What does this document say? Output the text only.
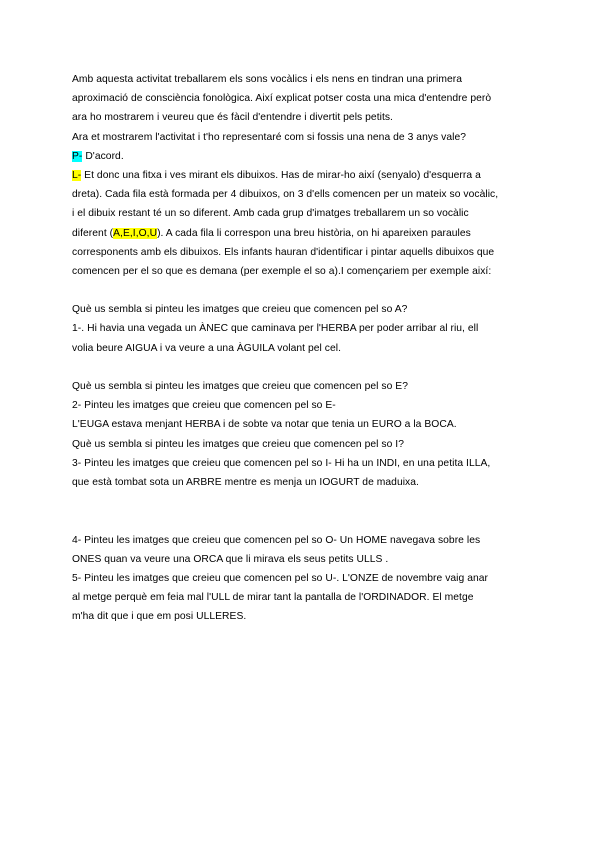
Amb aquesta activitat treballarem els sons vocàlics i els nens en tindran una primera
aproximació de consciència fonològica. Així explicat potser costa una mica d'entendre però
ara ho mostrarem i veureu que és fàcil d'entendre i divertit pels petits.
Ara et mostrarem l'activitat i t'ho representaré com si fossis una nena de 3 anys vale?
P- D'acord.
L- Et donc una fitxa i ves mirant els dibuixos. Has de mirar-ho així (senyalo) d'esquerra a
dreta). Cada fila està formada per 4 dibuixos, on 3 d'ells comencen per un mateix so vocàlic,
i el dibuix restant té un so diferent. Amb cada grup d'imatges treballarem un so vocàlic
diferent (A,E,I,O,U). A cada fila li correspon una breu història, on hi apareixen paraules
corresponents amb els dibuixos. Els infants hauran d'identificar i pintar aquells dibuixos que
comencen per el so que es demana (per exemple el so a).I començariem per exemple així:
Què us sembla si pinteu les imatges que creieu que comencen pel so A?
1-. Hi havia una vegada un ÀNEC que caminava per l'HERBA per poder arribar al riu, ell
volia beure AIGUA i va veure a una ÀGUILA volant pel cel.
Què us sembla si pinteu les imatges que creieu que comencen pel so E?
2- Pinteu les imatges que creieu que comencen pel so E-
L'EUGA estava menjant HERBA i de sobte va notar que tenia un EURO a la BOCA.
Què us sembla si pinteu les imatges que creieu que comencen pel so I?
3- Pinteu les imatges que creieu que comencen pel so I- Hi ha un INDI, en una petita ILLA,
que està tombat sota un ARBRE mentre es menja un IOGURT de maduixa.
4- Pinteu les imatges que creieu que comencen pel so O- Un HOME navegava sobre les
ONES quan va veure una ORCA que li mirava els seus petits ULLS .
5- Pinteu les imatges que creieu que comencen pel so U-. L'ONZE de novembre vaig anar
al metge perquè em feia mal l'ULL de mirar tant la pantalla de l'ORDINADOR. El metge
m'ha dit que i que em posi ULLERES.
